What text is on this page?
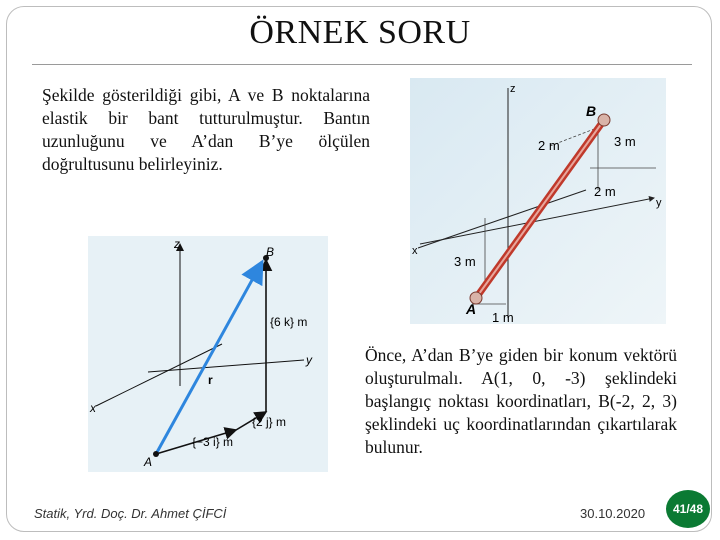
ÖRNEK SORU
Şekilde gösterildiği gibi, A ve B noktalarına elastik bir bant tutturulmuştur. Bantın uzunluğunu ve A’dan B’ye ölçülen doğrultusunu belirleyiniz.
z
x
y
B
A
2 m	3 m
2 m
3 m
1 m
z
x
y
A
B
r
{6 k} m
{2 j} m
{−3 i} m
Önce, A’dan B’ye giden bir konum vektörü oluşturulmalı. A(1, 0, -3) şeklindeki başlangıç noktası koordinatları, B(-2, 2, 3) şeklindeki uç koordinatlarından çıkartılarak bulunur.
Statik, Yrd. Doç. Dr. Ahmet ÇİFCİ	30.10.2020	41/48
